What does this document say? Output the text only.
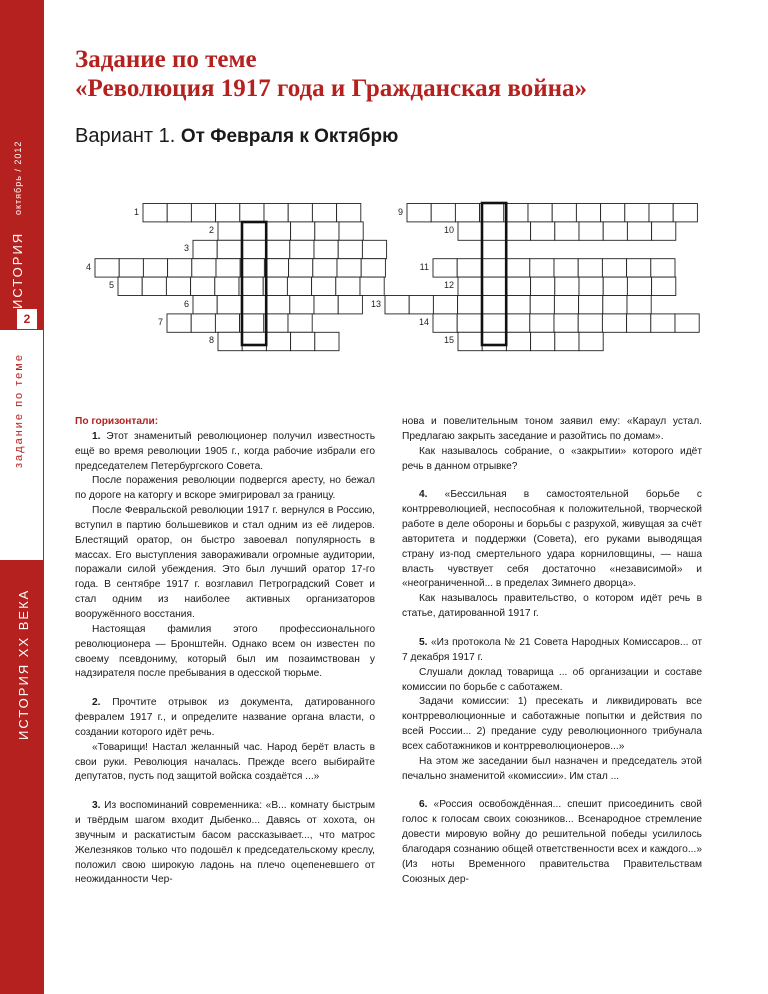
октябрь / 2012
ИСТОРИЯ
2
задание по теме
ИСТОРИЯ XX ВЕКА
Задание по теме
«Революция 1917 года и Гражданская война»
Вариант 1. От Февраля к Октябрю
1
2
3
4
5
6
7
8
9
10
11
12
13
14
15
По горизонтали:

1. Этот знаменитый революционер получил известность ещё во время революции 1905 г., когда рабочие избрали его председателем Петербургского Совета.

После поражения революции подвергся аресту, но бежал по дороге на каторгу и вскоре эмигрировал за границу.

После Февральской революции 1917 г. вернулся в Россию, вступил в партию большевиков и стал одним из её лидеров. Блестящий оратор, он быстро завоевал популярность в массах. Его выступления завораживали огромные аудитории, поражали силой убеждения. Это был лучший оратор 17-го года. В сентябре 1917 г. возглавил Петроградский Совет и стал одним из наиболее активных организаторов вооружённого восстания.

Настоящая фамилия этого профессионального революционера — Бронштейн. Однако всем он известен по своему псевдониму, который был им позаимствован у надзирателя после пребывания в одесской тюрьме.

2. Прочтите отрывок из документа, датированного февралем 1917 г., и определите название органа власти, о создании которого идёт речь.

«Товарищи! Настал желанный час. Народ берёт власть в свои руки. Революция началась. Прежде всего выбирайте депутатов, пусть под защитой войска создаётся ...»

3. Из воспоминаний современника: «В... комнату быстрым и твёрдым шагом входит Дыбенко... Давясь от хохота, он звучным и раскатистым басом рассказывает..., что матрос Железняков только что подошёл к председательскому креслу, положил свою широкую ладонь на плечо оцепеневшего от неожиданности Чер-

нова и повелительным тоном заявил ему: «Караул устал. Предлагаю закрыть заседание и разойтись по домам».

Как называлось собрание, о «закрытии» которого идёт речь в данном отрывке?

4. «Бессильная в самостоятельной борьбе с контрреволюцией, неспособная к положительной, творческой работе в деле обороны и борьбы с разрухой, живущая за счёт авторитета и поддержки (Совета), его руками выводящая страну из-под смертельного удара корниловщины, — наша власть чувствует себя достаточно «независимой» и «неограниченной... в пределах Зимнего дворца».

Как называлось правительство, о котором идёт речь в статье, датированной 1917 г.

5. «Из протокола № 21 Совета Народных Комиссаров... от 7 декабря 1917 г.

Слушали доклад товарища ... об организации и составе комиссии по борьбе с саботажем.

Задачи комиссии: 1) пресекать и ликвидировать все контрреволюционные и саботажные попытки и действия по всей России... 2) предание суду революционного трибунала всех саботажников и контрреволюционеров...»

На этом же заседании был назначен и председатель этой печально знаменитой «комиссии». Им стал ...

6. «Россия освобождённая... спешит присоединить свой голос к голосам своих союзников... Всенародное стремление довести мировую войну до решительной победы усилилось благодаря сознанию общей ответственности всех и каждого...» (Из ноты Временного правительства Правительствам Союзных дер-
